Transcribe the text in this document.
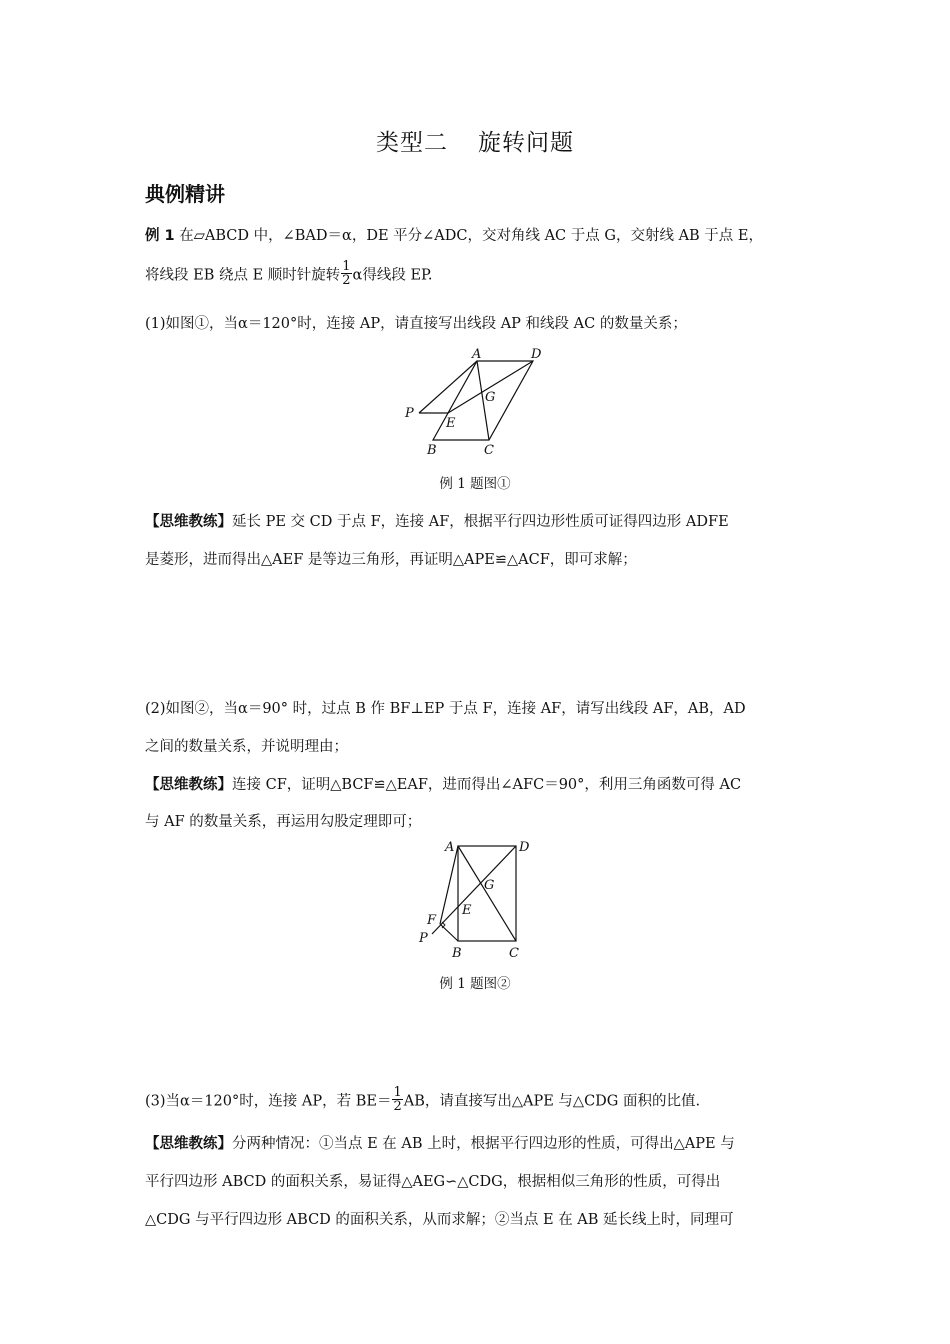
类型二 旋转问题
典例精讲
例 1 在▱ABCD 中，∠BAD＝α，DE 平分∠ADC，交对角线 AC 于点 G，交射线 AB 于点 E，
将线段 EB 绕点 E 顺时针旋转 $\frac{1}{2}$ α得线段 EP.
(1)如图①，当α＝120°时，连接 AP，请直接写出线段 AP 和线段 AC 的数量关系；
A	D
P
E
G
B	C
例 1 题图①
【思维教练】延长 PE 交 CD 于点 F，连接 AF，根据平行四边形性质可证得四边形 ADFE
是菱形，进而得出△AEF 是等边三角形，再证明△APE≌△ACF，即可求解；
(2)如图②，当α＝90° 时，过点 B 作 BF⊥EP 于点 F，连接 AF，请写出线段 AF，AB，AD
之间的数量关系，并说明理由；
【思维教练】连接 CF，证明△BCF≌△EAF，进而得出∠AFC＝90°，利用三角函数可得 AC
与 AF 的数量关系，再运用勾股定理即可；
A	D
G
E
F
P
B	C
例 1 题图②
(3)当α＝120°时，连接 AP，若 $BE= \frac{1}{2}$ AB，请直接写出△APE 与△CDG 面积的比值.
【思维教练】分两种情况：①当点 E 在 AB 上时，根据平行四边形的性质，可得出△APE 与
平行四边形 ABCD 的面积关系，易证得△AEG∽△CDG，根据相似三角形的性质，可得出
△CDG 与平行四边形 ABCD 的面积关系，从而求解；②当点 E 在 AB 延长线上时，同理可
